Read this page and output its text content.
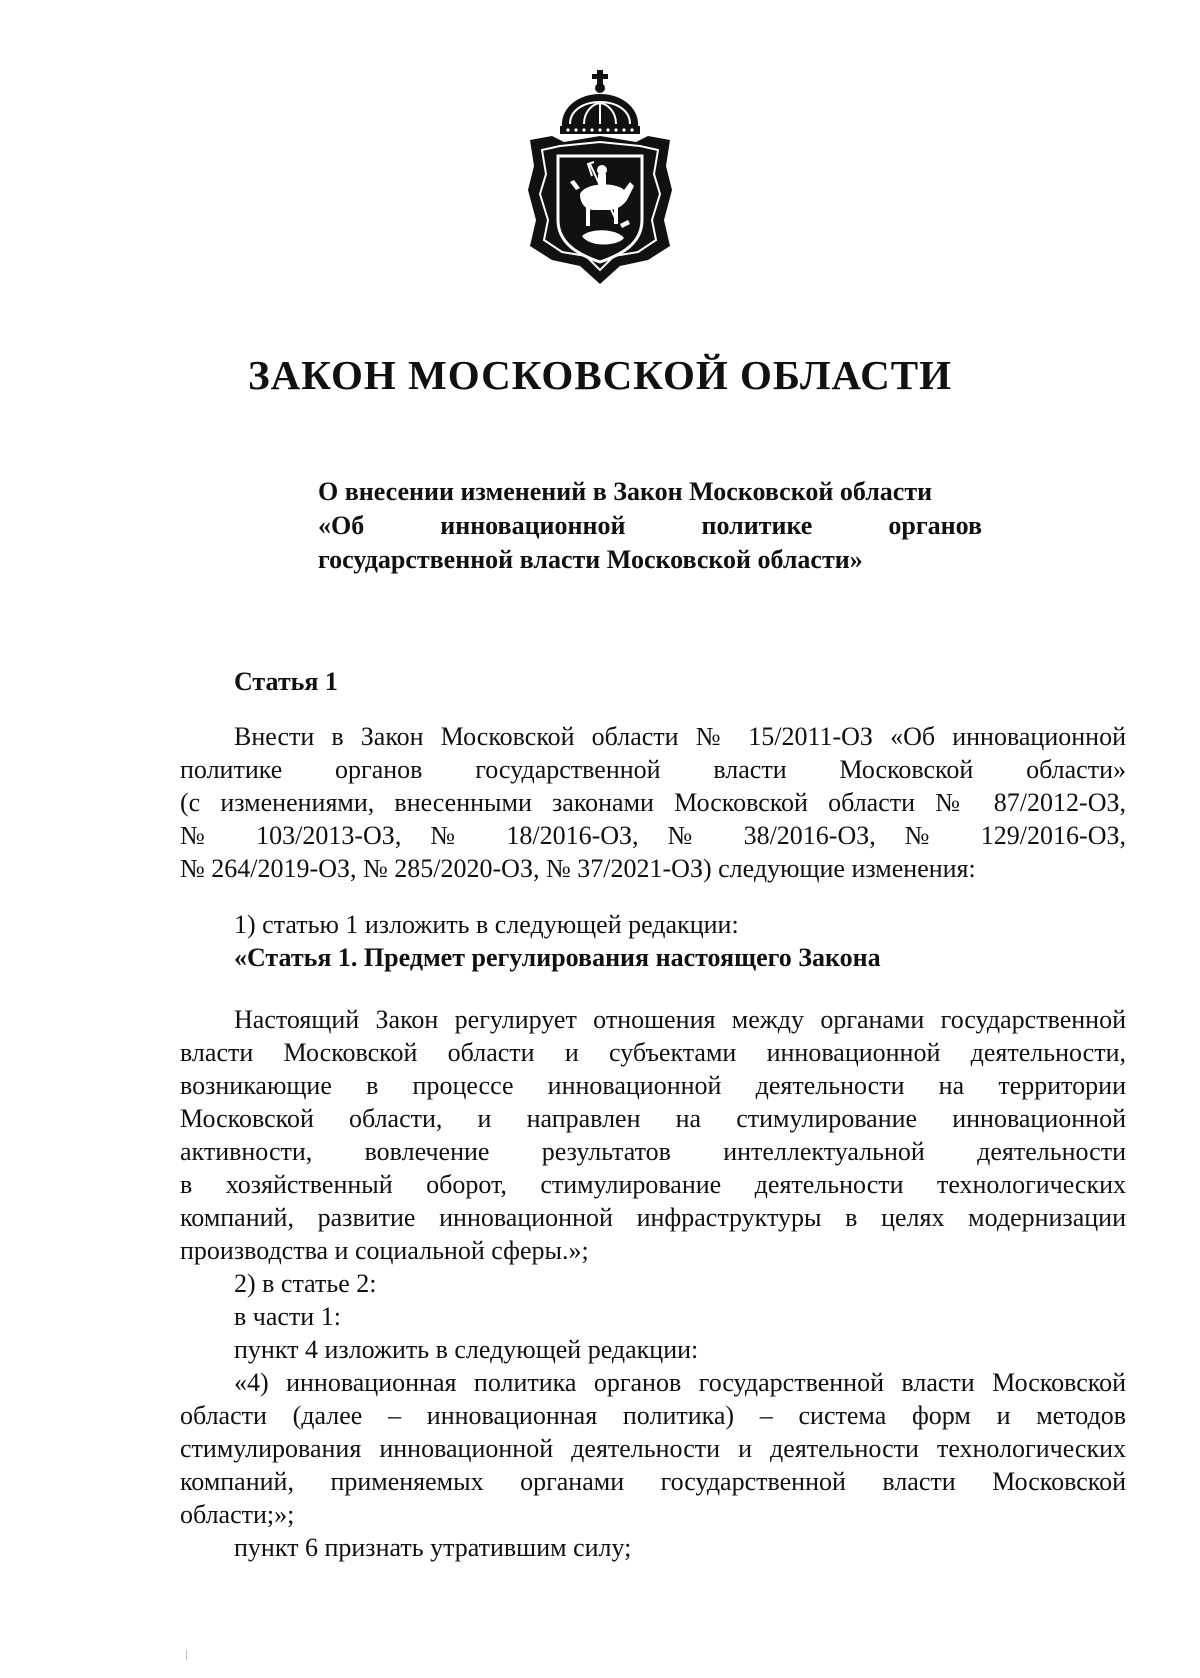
ЗАКОН МОСКОВСКОЙ ОБЛАСТИ
О внесении изменений в Закон Московской области
«Об инновационной политике органов
государственной власти Московской области»
Статья 1
Внести в Закон Московской области № 15/2011-ОЗ «Об инновационной
политике органов государственной власти Московской области»
(с изменениями, внесенными законами Московской области № 87/2012-ОЗ,
№ 103/2013-ОЗ, № 18/2016-ОЗ, № 38/2016-ОЗ, № 129/2016-ОЗ,
№ 264/2019-ОЗ, № 285/2020-ОЗ, № 37/2021-ОЗ) следующие изменения:
1) статью 1 изложить в следующей редакции:
«Статья 1. Предмет регулирования настоящего Закона
Настоящий Закон регулирует отношения между органами государственной
власти Московской области и субъектами инновационной деятельности,
возникающие в процессе инновационной деятельности на территории
Московской области, и направлен на стимулирование инновационной
активности, вовлечение результатов интеллектуальной деятельности
в хозяйственный оборот, стимулирование деятельности технологических
компаний, развитие инновационной инфраструктуры в целях модернизации
производства и социальной сферы.»;
2) в статье 2:
в части 1:
пункт 4 изложить в следующей редакции:
«4) инновационная политика органов государственной власти Московской
области (далее – инновационная политика) – система форм и методов
стимулирования инновационной деятельности и деятельности технологических
компаний, применяемых органами государственной власти Московской
области;»;
пункт 6 признать утратившим силу;
